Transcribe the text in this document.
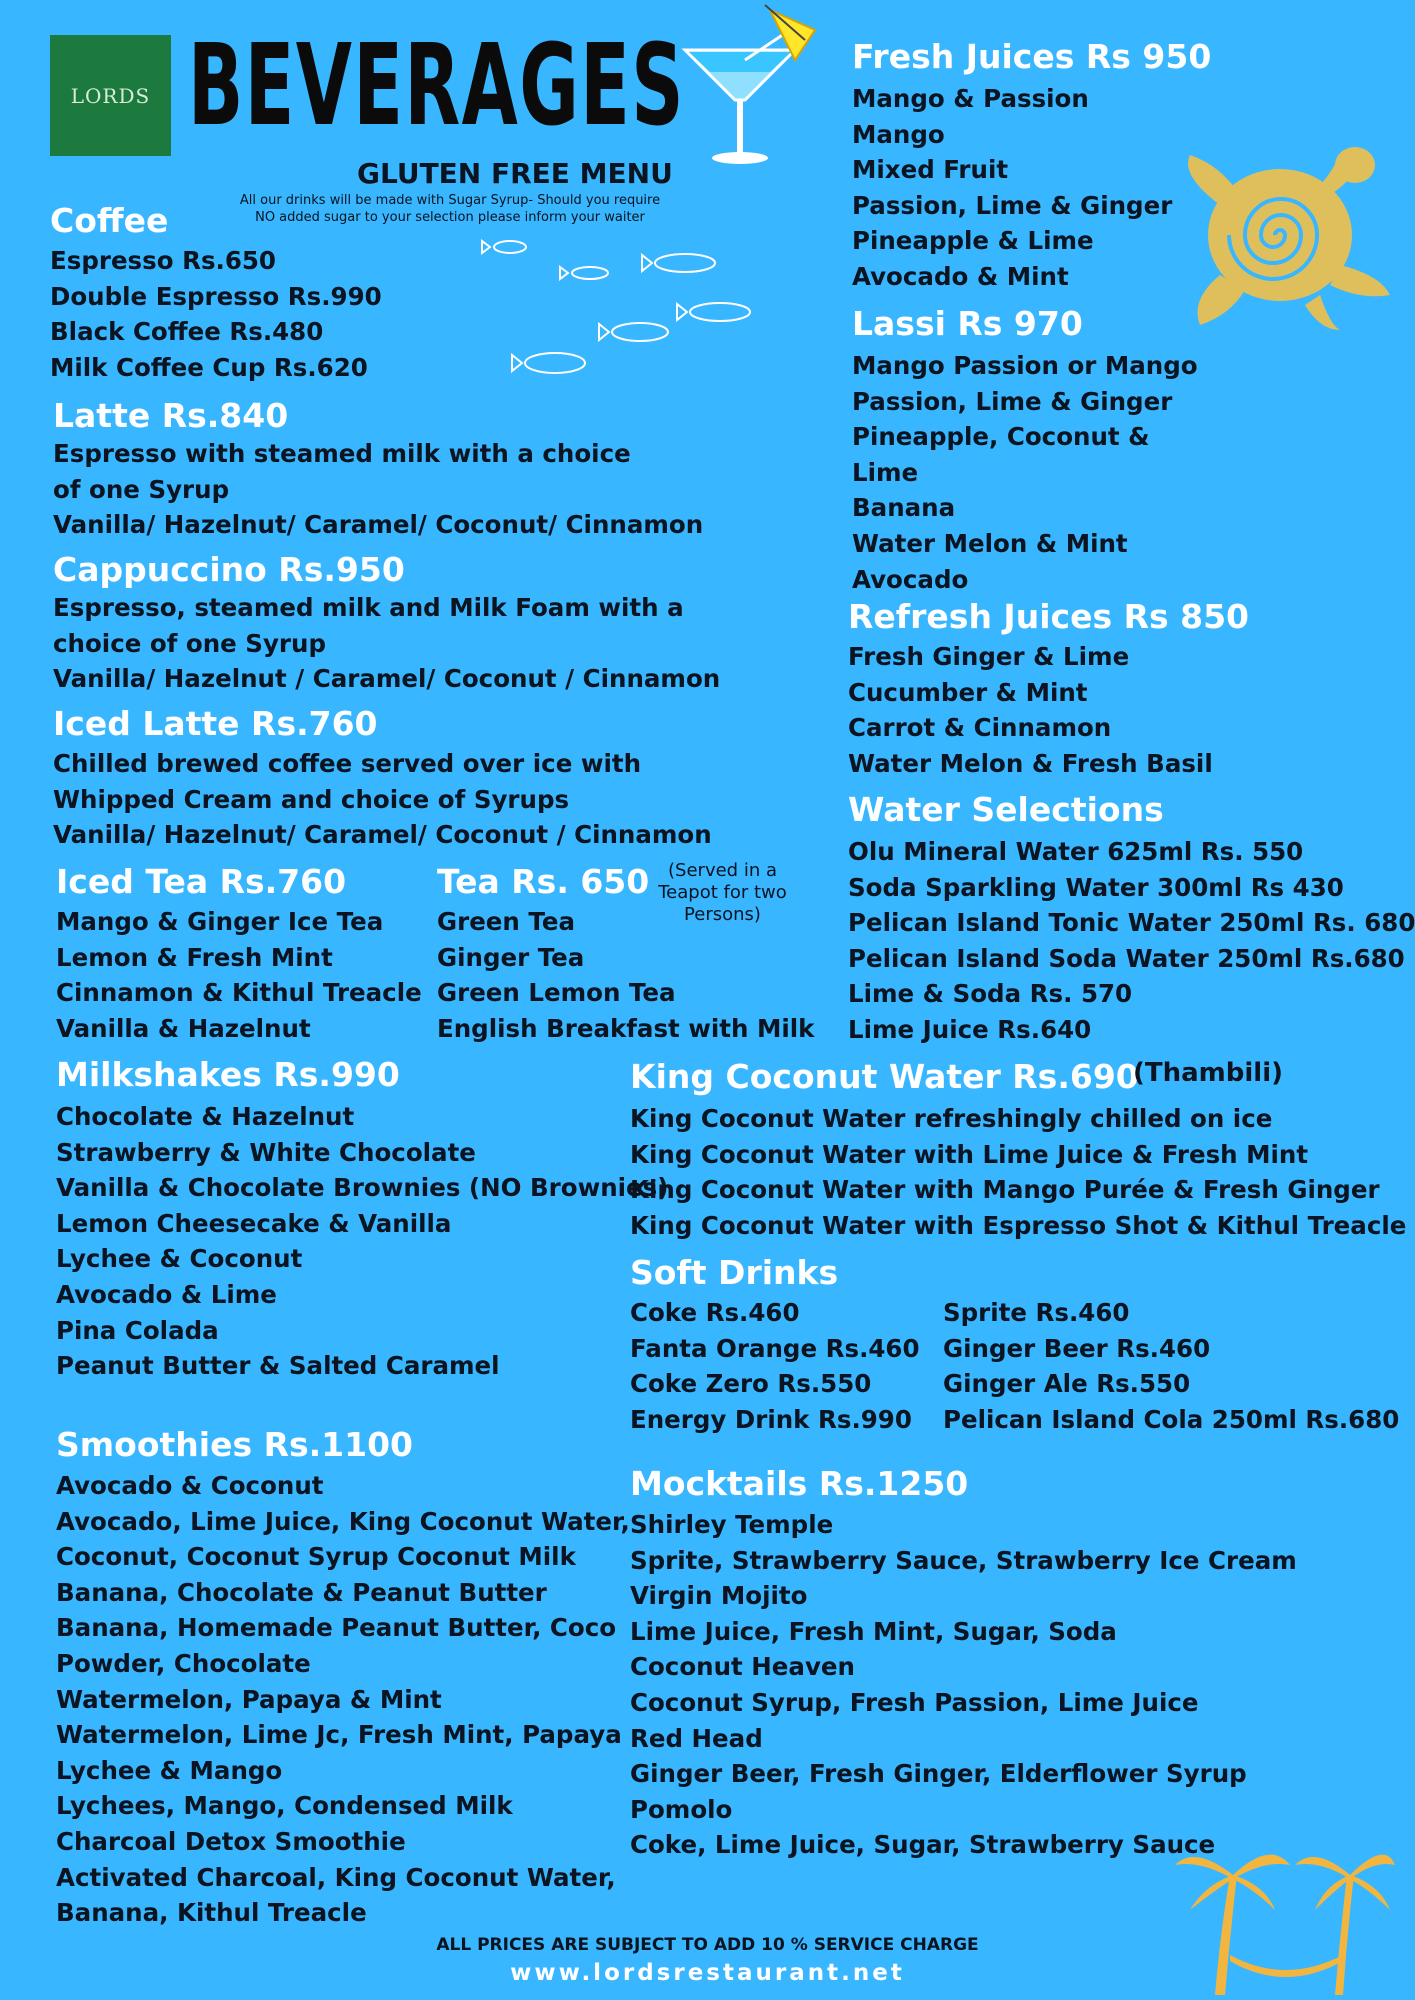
LORDS BEVERAGES
GLUTEN FREE MENU
All our drinks will be made with Sugar Syrup- Should you require
NO added sugar to your selection please inform your waiter
Coffee
Espresso Rs.650
Double Espresso Rs.990
Black Coffee Rs.480
Milk Coffee Cup Rs.620
Latte Rs.840
Espresso with steamed milk with a choice
of one Syrup
Vanilla/ Hazelnut/ Caramel/ Coconut/ Cinnamon
Cappuccino Rs.950
Espresso, steamed milk and Milk Foam with a
choice of one Syrup
Vanilla/ Hazelnut / Caramel/ Coconut / Cinnamon
Iced Latte Rs.760
Chilled brewed coffee served over ice with
Whipped Cream and choice of Syrups
Vanilla/ Hazelnut/ Caramel/ Coconut / Cinnamon
Iced Tea Rs.760
Mango & Ginger Ice Tea
Lemon & Fresh Mint
Cinnamon & Kithul Treacle
Vanilla & Hazelnut
Tea Rs. 650	(Served in a
Teapot for two
Persons)
Green Tea
Ginger Tea
Green Lemon Tea
English Breakfast with Milk
Milkshakes Rs.990
Chocolate & Hazelnut
Strawberry & White Chocolate
Vanilla & Chocolate Brownies (NO Brownies)
Lemon Cheesecake & Vanilla
Lychee & Coconut
Avocado & Lime
Pina Colada
Peanut Butter & Salted Caramel
Smoothies Rs.1100
Avocado & Coconut
Avocado, Lime Juice, King Coconut Water,
Coconut, Coconut Syrup Coconut Milk
Banana, Chocolate & Peanut Butter
Banana, Homemade Peanut Butter, Coco
Powder, Chocolate
Watermelon, Papaya & Mint
Watermelon, Lime Jc, Fresh Mint, Papaya
Lychee & Mango
Lychees, Mango, Condensed Milk
Charcoal Detox Smoothie
Activated Charcoal, King Coconut Water,
Banana, Kithul Treacle
Fresh Juices Rs 950
Mango & Passion
Mango
Mixed Fruit
Passion, Lime & Ginger
Pineapple & Lime
Avocado & Mint
Lassi Rs 970
Mango Passion or Mango
Passion, Lime & Ginger
Pineapple, Coconut &
Lime
Banana
Water Melon & Mint
Avocado
Refresh Juices Rs 850
Fresh Ginger & Lime
Cucumber & Mint
Carrot & Cinnamon
Water Melon & Fresh Basil
Water Selections
Olu Mineral Water 625ml Rs. 550
Soda Sparkling Water 300ml Rs 430
Pelican Island Tonic Water 250ml Rs. 680
Pelican Island Soda Water 250ml Rs.680
Lime & Soda Rs. 570
Lime Juice Rs.640
King Coconut Water Rs.690
(Thambili)
King Coconut Water refreshingly chilled on ice
King Coconut Water with Lime Juice & Fresh Mint
King Coconut Water with Mango Purée & Fresh Ginger
King Coconut Water with Espresso Shot & Kithul Treacle
Soft Drinks
Coke Rs.460
Fanta Orange Rs.460
Coke Zero Rs.550
Energy Drink Rs.990
Sprite Rs.460
Ginger Beer Rs.460
Ginger Ale Rs.550
Pelican Island Cola 250ml Rs.680
Mocktails Rs.1250
Shirley Temple
Sprite, Strawberry Sauce, Strawberry Ice Cream
Virgin Mojito
Lime Juice, Fresh Mint, Sugar, Soda
Coconut Heaven
Coconut Syrup, Fresh Passion, Lime Juice
Red Head
Ginger Beer, Fresh Ginger, Elderflower Syrup
Pomolo
Coke, Lime Juice, Sugar, Strawberry Sauce
ALL PRICES ARE SUBJECT TO ADD 10 % SERVICE CHARGE
www.lordsrestaurant.net
